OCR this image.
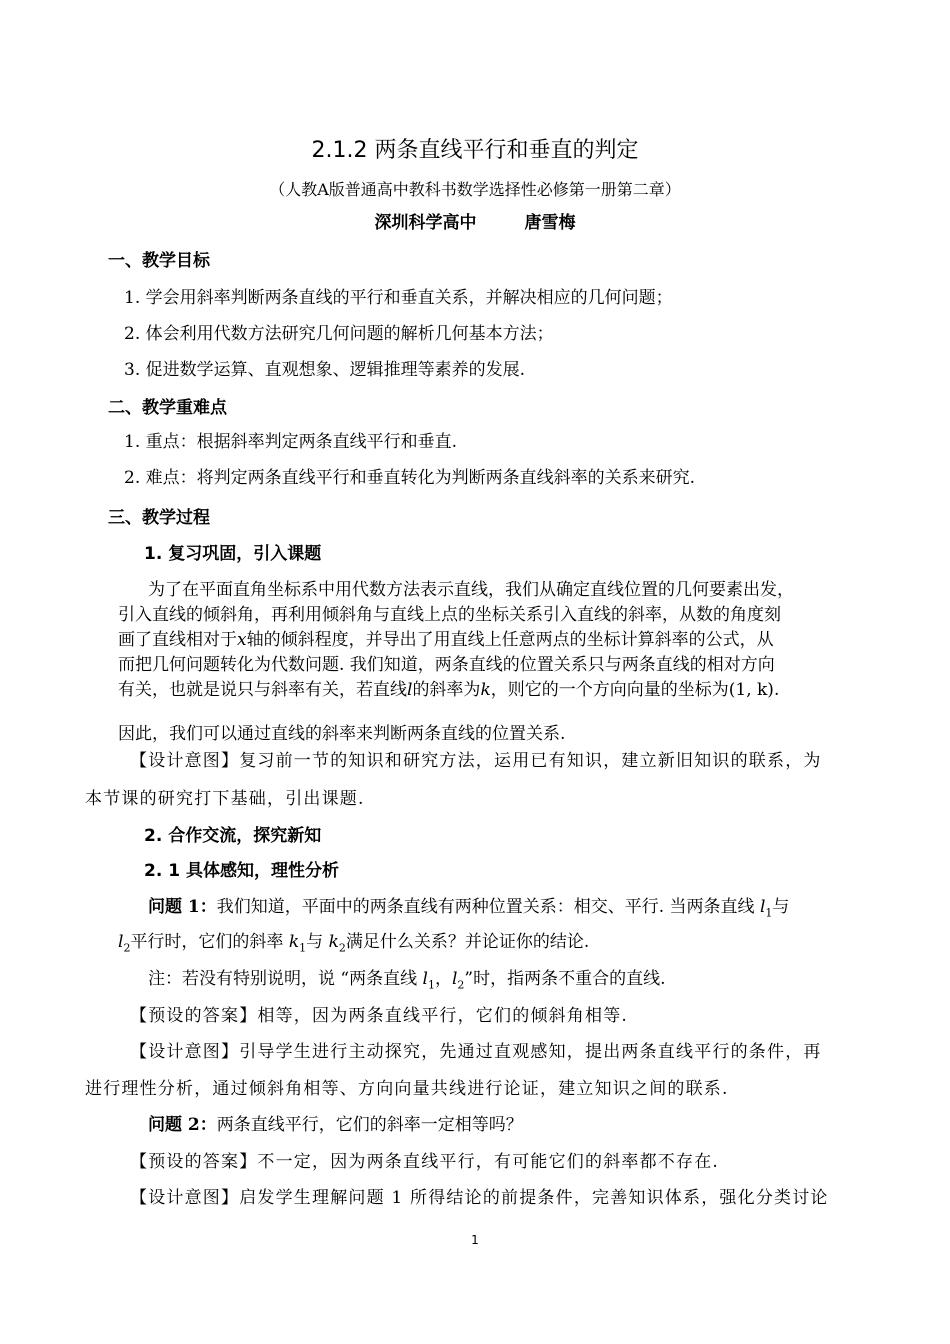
2.1.2 两条直线平行和垂直的判定
（人教A版普通高中教科书数学选择性必修第一册第二章）
深圳科学高中	唐雪梅
一、教学目标
1. 学会用斜率判断两条直线的平行和垂直关系，并解决相应的几何问题；
2. 体会利用代数方法研究几何问题的解析几何基本方法；
3. 促进数学运算、直观想象、逻辑推理等素养的发展.
二、教学重难点
1. 重点：根据斜率判定两条直线平行和垂直.
2. 难点：将判定两条直线平行和垂直转化为判断两条直线斜率的关系来研究.
三、教学过程
1. 复习巩固，引入课题
为了在平面直角坐标系中用代数方法表示直线，我们从确定直线位置的几何要素出发，
引入直线的倾斜角，再利用倾斜角与直线上点的坐标关系引入直线的斜率，从数的角度刻
画了直线相对于x轴的倾斜程度，并导出了用直线上任意两点的坐标计算斜率的公式，从
而把几何问题转化为代数问题. 我们知道，两条直线的位置关系只与两条直线的相对方向
有关，也就是说只与斜率有关，若直线l的斜率为k，则它的一个方向向量的坐标为(1, k).
因此，我们可以通过直线的斜率来判断两条直线的位置关系.
【设计意图】复习前一节的知识和研究方法，运用已有知识，建立新旧知识的联系，为
本节课的研究打下基础，引出课题.
2. 合作交流，探究新知
2. 1 具体感知，理性分析
问题 1：我们知道，平面中的两条直线有两种位置关系：相交、平行. 当两条直线 $l_1$与
$l_2$平行时，它们的斜率 $k_1$与 $k_2$满足什么关系？并论证你的结论.
注：若没有特别说明，说 “两条直线 $l_1$，$l_2$”时，指两条不重合的直线.
【预设的答案】相等，因为两条直线平行，它们的倾斜角相等.
【设计意图】引导学生进行主动探究，先通过直观感知，提出两条直线平行的条件，再
进行理性分析，通过倾斜角相等、方向向量共线进行论证，建立知识之间的联系.
问题 2：两条直线平行，它们的斜率一定相等吗？
【预设的答案】不一定，因为两条直线平行，有可能它们的斜率都不存在.
【设计意图】启发学生理解问题 1 所得结论的前提条件，完善知识体系，强化分类讨论
1
